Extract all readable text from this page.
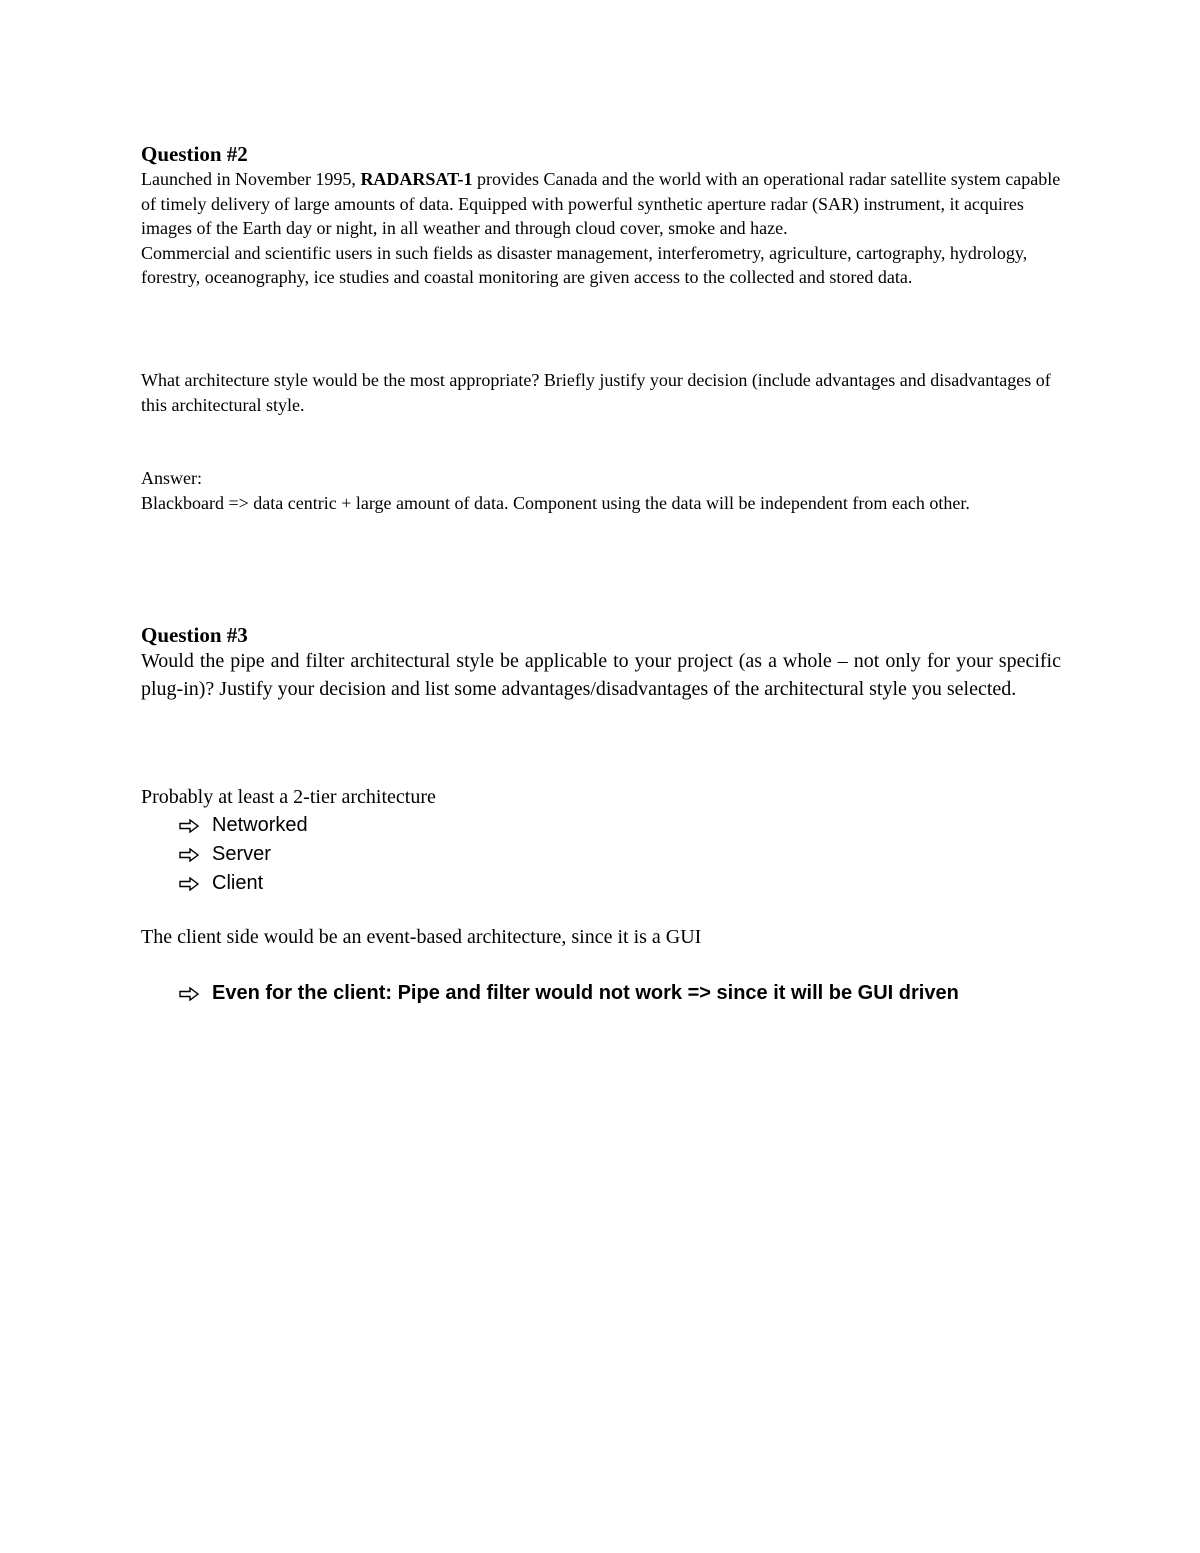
Question #2

Launched in November 1995, RADARSAT-1 provides Canada and the world with an operational radar satellite system capable of timely delivery of large amounts of data. Equipped with powerful synthetic aperture radar (SAR) instrument, it acquires images of the Earth day or night, in all weather and through cloud cover, smoke and haze.

Commercial and scientific users in such fields as disaster management, interferometry, agriculture, cartography, hydrology, forestry, oceanography, ice studies and coastal monitoring are given access to the collected and stored data.

What architecture style would be the most appropriate? Briefly justify your decision (include advantages and disadvantages of this architectural style.

Answer:

Blackboard => data centric + large amount of data. Component using the data will be independent from each other.

Question #3

Would the pipe and filter architectural style be applicable to your project (as a whole – not only for your specific plug-in)? Justify your decision and list some advantages/disadvantages of the architectural style you selected.

Probably at least a 2-tier architecture

Networked
Server
Client

The client side would be an event-based architecture, since it is a GUI

Even for the client: Pipe and filter would not work => since it will be GUI driven
